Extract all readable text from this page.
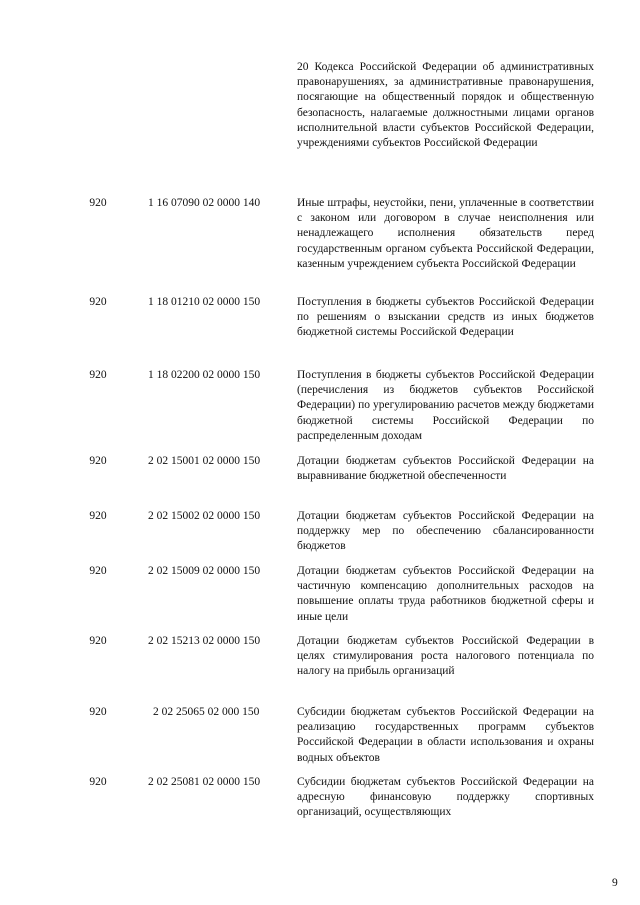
20 Кодекса Российской Федерации об административных правонарушениях, за административные правонарушения, посягающие на общественный порядок и общественную безопасность, налагаемые должностными лицами органов исполнительной власти субъектов Российской Федерации, учреждениями субъектов Российской Федерации
920	1 16 07090 02 0000 140	Иные штрафы, неустойки, пени, уплаченные в соответствии с законом или договором в случае неисполнения или ненадлежащего исполнения обязательств перед государственным органом субъекта Российской Федерации, казенным учреждением субъекта Российской Федерации
920	1 18 01210 02 0000 150	Поступления в бюджеты субъектов Российской Федерации по решениям о взыскании средств из иных бюджетов бюджетной системы Российской Федерации
920	1 18 02200 02 0000 150	Поступления в бюджеты субъектов Российской Федерации (перечисления из бюджетов субъектов Российской Федерации) по урегулированию расчетов между бюджетами бюджетной системы Российской Федерации по распределенным доходам
920	2 02 15001 02 0000 150	Дотации бюджетам субъектов Российской Федерации на выравнивание бюджетной обеспеченности
920	2 02 15002 02 0000 150	Дотации бюджетам субъектов Российской Федерации на поддержку мер по обеспечению сбалансированности бюджетов
920	2 02 15009 02 0000 150	Дотации бюджетам субъектов Российской Федерации на частичную компенсацию дополнительных расходов на повышение оплаты труда работников бюджетной сферы и иные цели
920	2 02 15213 02 0000 150	Дотации бюджетам субъектов Российской Федерации в целях стимулирования роста налогового потенциала по налогу на прибыль организаций
920	2 02 25065 02 000 150	Субсидии бюджетам субъектов Российской Федерации на реализацию государственных программ субъектов Российской Федерации в области использования и охраны водных объектов
920	2 02 25081 02 0000 150	Субсидии бюджетам субъектов Российской Федерации на адресную финансовую поддержку спортивных организаций, осуществляющих
9
